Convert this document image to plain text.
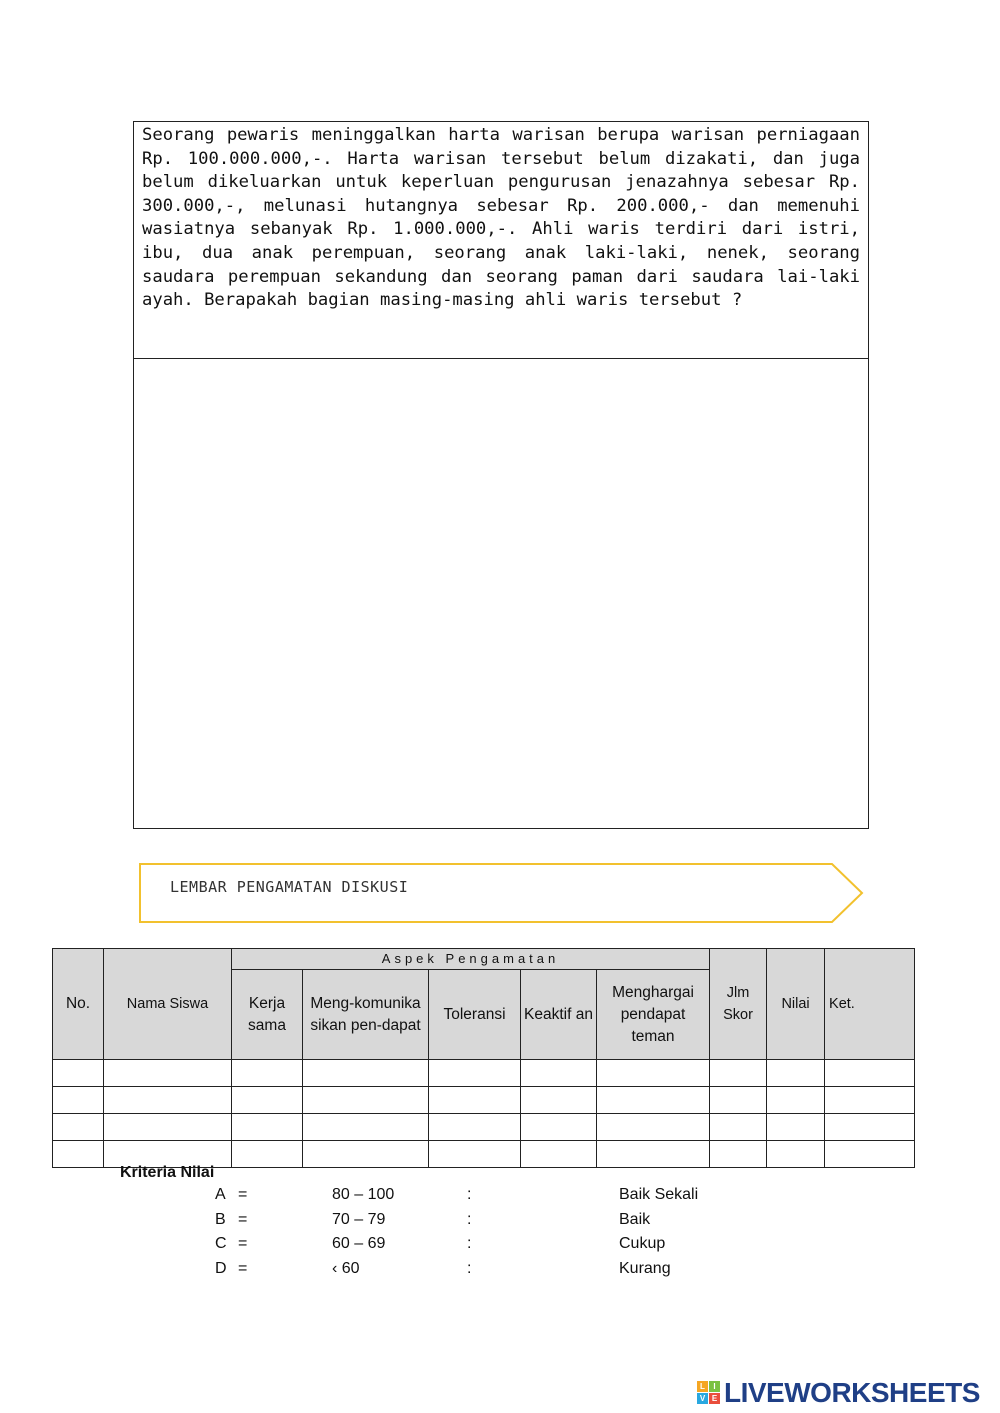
Seorang pewaris meninggalkan harta warisan berupa warisan perniagaan Rp. 100.000.000,-. Harta warisan tersebut belum dizakati, dan juga belum dikeluarkan untuk keperluan pengurusan jenazahnya sebesar Rp. 300.000,-, melunasi hutangnya sebesar Rp. 200.000,- dan memenuhi wasiatnya sebanyak Rp. 1.000.000,-. Ahli waris terdiri dari istri, ibu, dua anak perempuan, seorang anak laki-laki, nenek, seorang saudara perempuan sekandung dan seorang paman dari saudara lai-laki ayah. Berapakah bagian masing-masing ahli waris tersebut ?

LEMBAR PENGAMATAN DISKUSI
No.	Nama Siswa	Aspek Pengamatan					Jlm Skor	Nilai	Ket.
		Kerja sama	Meng-komunika sikan pen-dapat	Toleransi	Keaktif an	Menghargai pendapat teman			

Kriteria Nilai
A =	80 – 100	:	Baik Sekali
B =	70 – 79	:	Baik
C =	60 – 69	:	Cukup
D =	‹ 60	:	Kurang
L	I
V E LIVEWORKSHEETS
